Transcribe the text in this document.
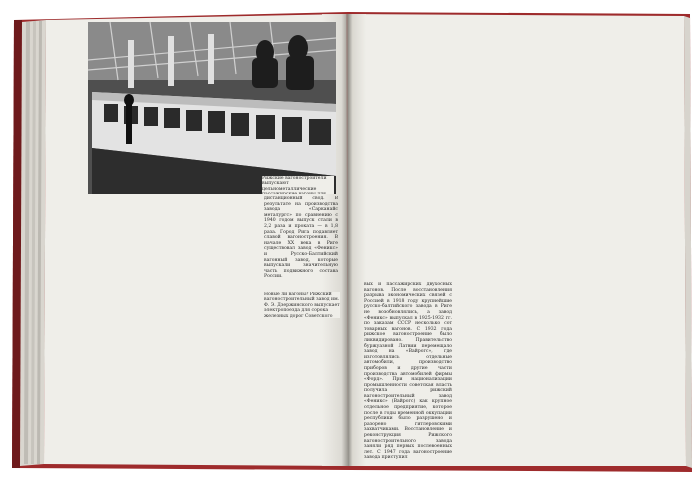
дистанционный свод. В результате на производства завода «Сарканайс металургс» по сравнению с 1940 годом выпуск стали в 2,2 раза и проката — в 1,8 раза. Город Рига подавляет славой вагоностроения. В начале XX века в Риге существовал завод «Феникс» и Русско-Балтийский вагонный завод, которые выпускали значительную часть подвижного состава России.
Рижские вагоностроители выпускают цельнометаллические
Новые ли вагоны? Рижский вагоностроительный завод им. Ф. Э. Дзержинского выпускает электропоезда для сорока железных дорог Советского
вых и пассажирских двухосных вагонов. После восстановления разрыва экономических связей с Россией в 1918 году крупнейшие русско-балтийского завода в Риге не возобновлялись, а завод «Феникс» выпускал в 1925-1932 гг. по заказам СССР несколько сот товарных вагонов. С 1932 года рижское вагоностроение было ликвидировано. Правительство буржуазной Латвии перемещало завод на «Вайрогс», где изготовлялись отдельные автомобили, производство приборов и другие части производства автомобилей фирмы «Форд». При национализации промышленности советская власть получила рижский вагоностроительный завод «Феникс» (Вайрогс) как крупное отдельное предприятие, которое после в годы временной оккупации республики было разрушено и разорено гитлеровскими захватчиками. Восстановление и реконструкция Рижского вагоностроительного завода заняли ряд первых послевоенных лет. С 1947 года вагоностроение завода приступил
